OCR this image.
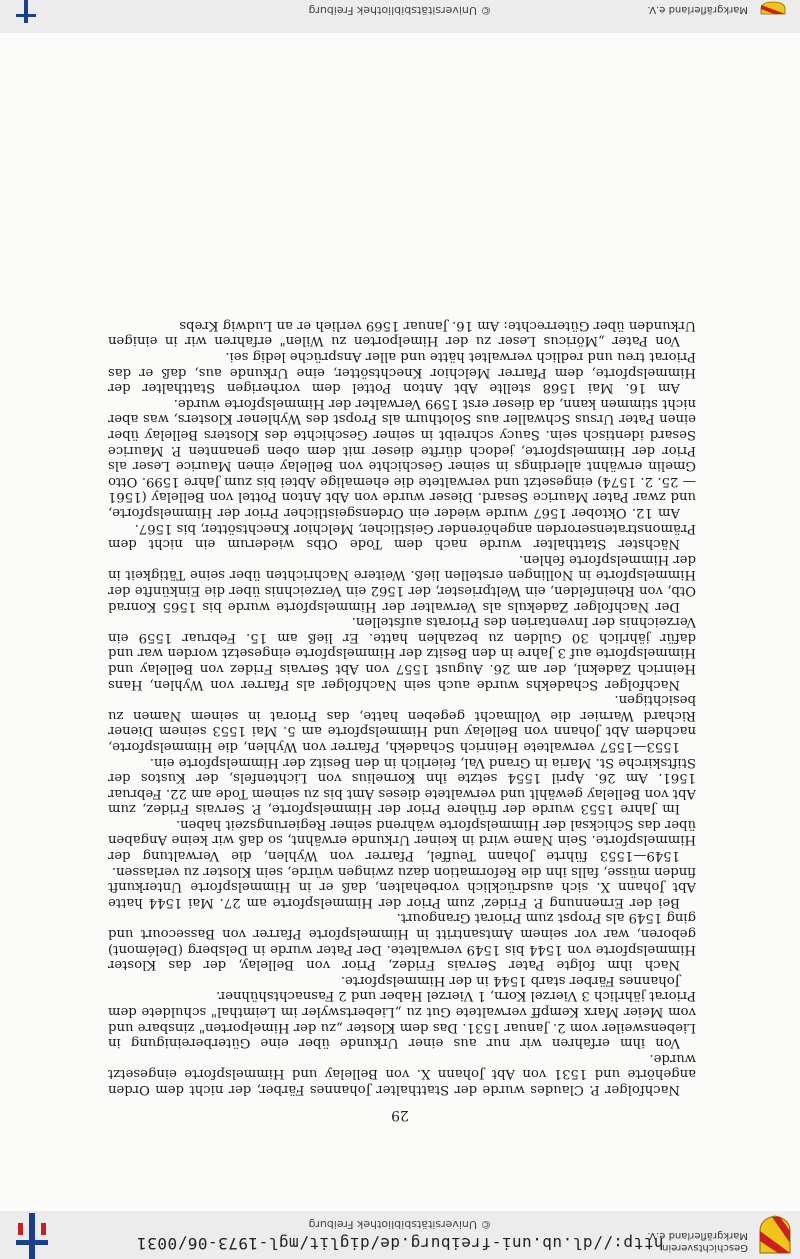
Geschichtsverein
Markgräflerland e.V.
http://dl.ub.uni-freiburg.de/diglit/mgl-1973-06/0031
© Universitätsbibliothek Freiburg
29

Nachfolger P. Claudes wurde der Statthalter Johannes Färber, der nicht dem Orden angehörte und 1531 von Abt Johann X. von Bellelay und Himmelspforte eingesetzt wurde.

Von ihm erfahren wir nur aus einer Urkunde über eine Güterbereinigung in Liebensweiler vom 2. Januar 1531. Das dem Kloster „zu der Himelporten" zinsbare und vom Meier Marx Kempff verwaltete Gut zu „Liebertswyler im Leimthal" schuldete dem Priorat jährlich 3 Vierzel Korn, 1 Vierzel Haber und 2 Fasnachtshühner.

Johannes Färber starb 1544 in der Himmelspforte.

Nach ihm folgte Pater Servais Fridez, Prior von Bellelay, der das Kloster Himmelspforte von 1544 bis 1549 verwaltete. Der Pater wurde in Delsberg (Delémont) geboren, war vor seinem Amtsantritt in Himmelspforte Pfarrer von Bassecourt und ging 1549 als Propst zum Priorat Grangourt.

Bei der Ernennung P. Fridez' zum Prior der Himmelspforte am 27. Mai 1544 hatte Abt Johann X. sich ausdrücklich vorbehalten, daß er in Himmelspforte Unterkunft finden müsse, falls ihn die Reformation dazu zwingen würde, sein Kloster zu verlassen.

1549—1553 führte Johann Teuffel, Pfarrer von Wyhlen, die Verwaltung der Himmelspforte. Sein Name wird in keiner Urkunde erwähnt, so daß wir keine Angaben über das Schicksal der Himmelspforte während seiner Regierungszeit haben.

Im Jahre 1553 wurde der frühere Prior der Himmelspforte, P. Servais Fridez, zum Abt von Bellelay gewählt und verwaltete dieses Amt bis zu seinem Tode am 22. Februar 1561. Am 26. April 1554 setzte ihn Kornelius von Lichtenfels, der Kustos der Stiftskirche St. Maria in Grand Val, feierlich in den Besitz der Himmelspforte ein.

1553—1557 verwaltete Heinrich Schadekh, Pfarrer von Wyhlen, die Himmelspforte, nachdem Abt Johann von Bellelay und Himmelspforte am 5. Mai 1553 seinem Diener Richard Warnier die Vollmacht gegeben hatte, das Priorat in seinem Namen zu besichtigen.

Nachfolger Schadekhs wurde auch sein Nachfolger als Pfarrer von Wyhlen, Hans Heinrich Zadeknl, der am 26. August 1557 von Abt Servais Fridez von Bellelay und Himmelspforte auf 3 Jahre in den Besitz der Himmelspforte eingesetzt worden war und dafür jährlich 30 Gulden zu bezahlen hatte. Er ließ am 15. Februar 1559 ein Verzeichnis der Inventarien des Priorats aufstellen.

Der Nachfolger Zadekuls als Verwalter der Himmelspforte wurde bis 1565 Konrad Otb, von Rheinfelden, ein Weltpriester, der 1562 ein Verzeichnis über die Einkünfte der Himmelspforte in Nollingen erstellen ließ. Weitere Nachrichten über seine Tätigkeit in der Himmelspforte fehlen.

Nächster Statthalter wurde nach dem Tode Otbs wiederum ein nicht dem Prämonstratenserorden angehörender Geistlicher, Melchior Knechtsötter, bis 1567.

Am 12. Oktober 1567 wurde wieder ein Ordensgeistlicher Prior der Himmelspforte, und zwar Pater Maurice Sesard. Dieser wurde von Abt Anton Pottel von Bellelay (1561 — 25. 2. 1574) eingesetzt und verwaltete die ehemalige Abtei bis zum Jahre 1599. Otto Gmelin erwähnt allerdings in seiner Geschichte von Bellelay einen Maurice Leser als Prior der Himmelspforte, jedoch dürfte dieser mit dem oben genannten P. Maurice Sesard identisch sein. Saucy schreibt in seiner Geschichte des Klosters Bellelay über einen Pater Ursus Schwaller aus Solothurn als Propst des Wyhlener Klosters, was aber nicht stimmen kann, da dieser erst 1599 Verwalter der Himmelspforte wurde.

Am 16. Mai 1568 stellte Abt Anton Pottel dem vorherigen Statthalter der Himmelspforte, dem Pfarrer Melchior Knechtsötter, eine Urkunde aus, daß er das Priorat treu und redlich verwaltet hätte und aller Ansprüche ledig sei.

Von Pater „Möricus Leser zu der Himelporten zu Wilen" erfahren wir in einigen Urkunden über Güterrechte: Am 16. Januar 1569 verlieh er an Ludwig Krebs

Markgräflerland e.V.
© Universitätsbibliothek Freiburg
